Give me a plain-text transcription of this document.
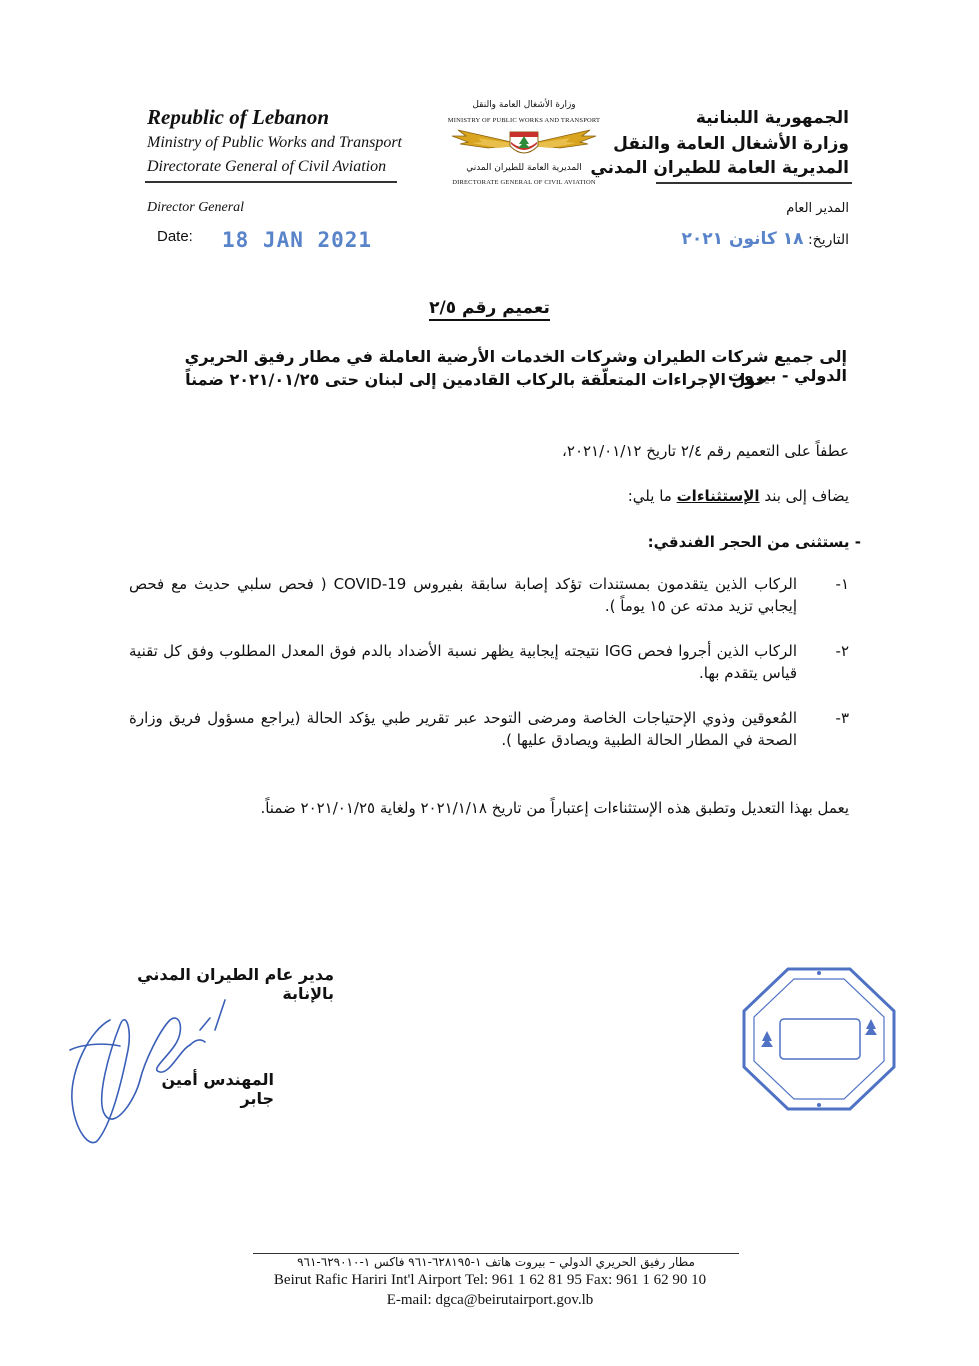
Republic of Lebanon
Ministry of Public Works and Transport
Directorate General of Civil Aviation
Director General
Date: 18 JAN 2021
وزارة الأشغال العامة والنقل
MINISTRY OF PUBLIC WORKS AND TRANSPORT
المديرية العامة للطيران المدني
DIRECTORATE GENERAL OF CIVIL AVIATION
الجمهورية اللبنانية
وزارة الأشغال العامة والنقل
المديرية العامة للطيران المدني
المدير العام
التاريخ: ١٨ كانون ٢٠٢١
تعميم رقم ٢/٥
إلى جميع شركات الطيران وشركات الخدمات الأرضية العاملة في مطار رفيق الحريري الدولي - بيروت
حول الإجراءات المتعلّقة بالركاب القادمين إلى لبنان حتى ٢٠٢١/٠١/٢٥ ضمناً
عطفاً على التعميم رقم ٢/٤ تاريخ ٢٠٢١/٠١/١٢،
يضاف إلى بند الإستثناءات ما يلي:
- يستثنى من الحجر الفندقي:
١-
الركاب الذين يتقدمون بمستندات تؤكد إصابة سابقة بفيروس COVID-19 ( فحص سلبي حديث مع فحص إيجابي تزيد مدته عن ١٥ يوماً ).
٢-
الركاب الذين أجروا فحص IGG نتيجته إيجابية يظهر نسبة الأضداد بالدم فوق المعدل المطلوب وفق كل تقنية قياس يتقدم بها.
٣-
المُعوقين وذوي الإحتياجات الخاصة ومرضى التوحد عبر تقرير طبي يؤكد الحالة (يراجع مسؤول فريق وزارة الصحة في المطار الحالة الطبية ويصادق عليها ).
يعمل بهذا التعديل وتطبق هذه الإستثناءات إعتباراً من تاريخ ٢٠٢١/١/١٨ ولغاية ٢٠٢١/٠١/٢٥ ضمناً.
مدير عام الطيران المدني بالإنابة
المهندس أمين جابر
مطار رفيق الحريري الدولي – بيروت هاتف ١-٦٢٨١٩٥-٩٦١ فاكس ١-٦٢٩٠١٠-٩٦١
Beirut Rafic Hariri Int'l Airport Tel: 961 1 62 81 95 Fax: 961 1 62 90 10
E-mail: dgca@beirutairport.gov.lb
